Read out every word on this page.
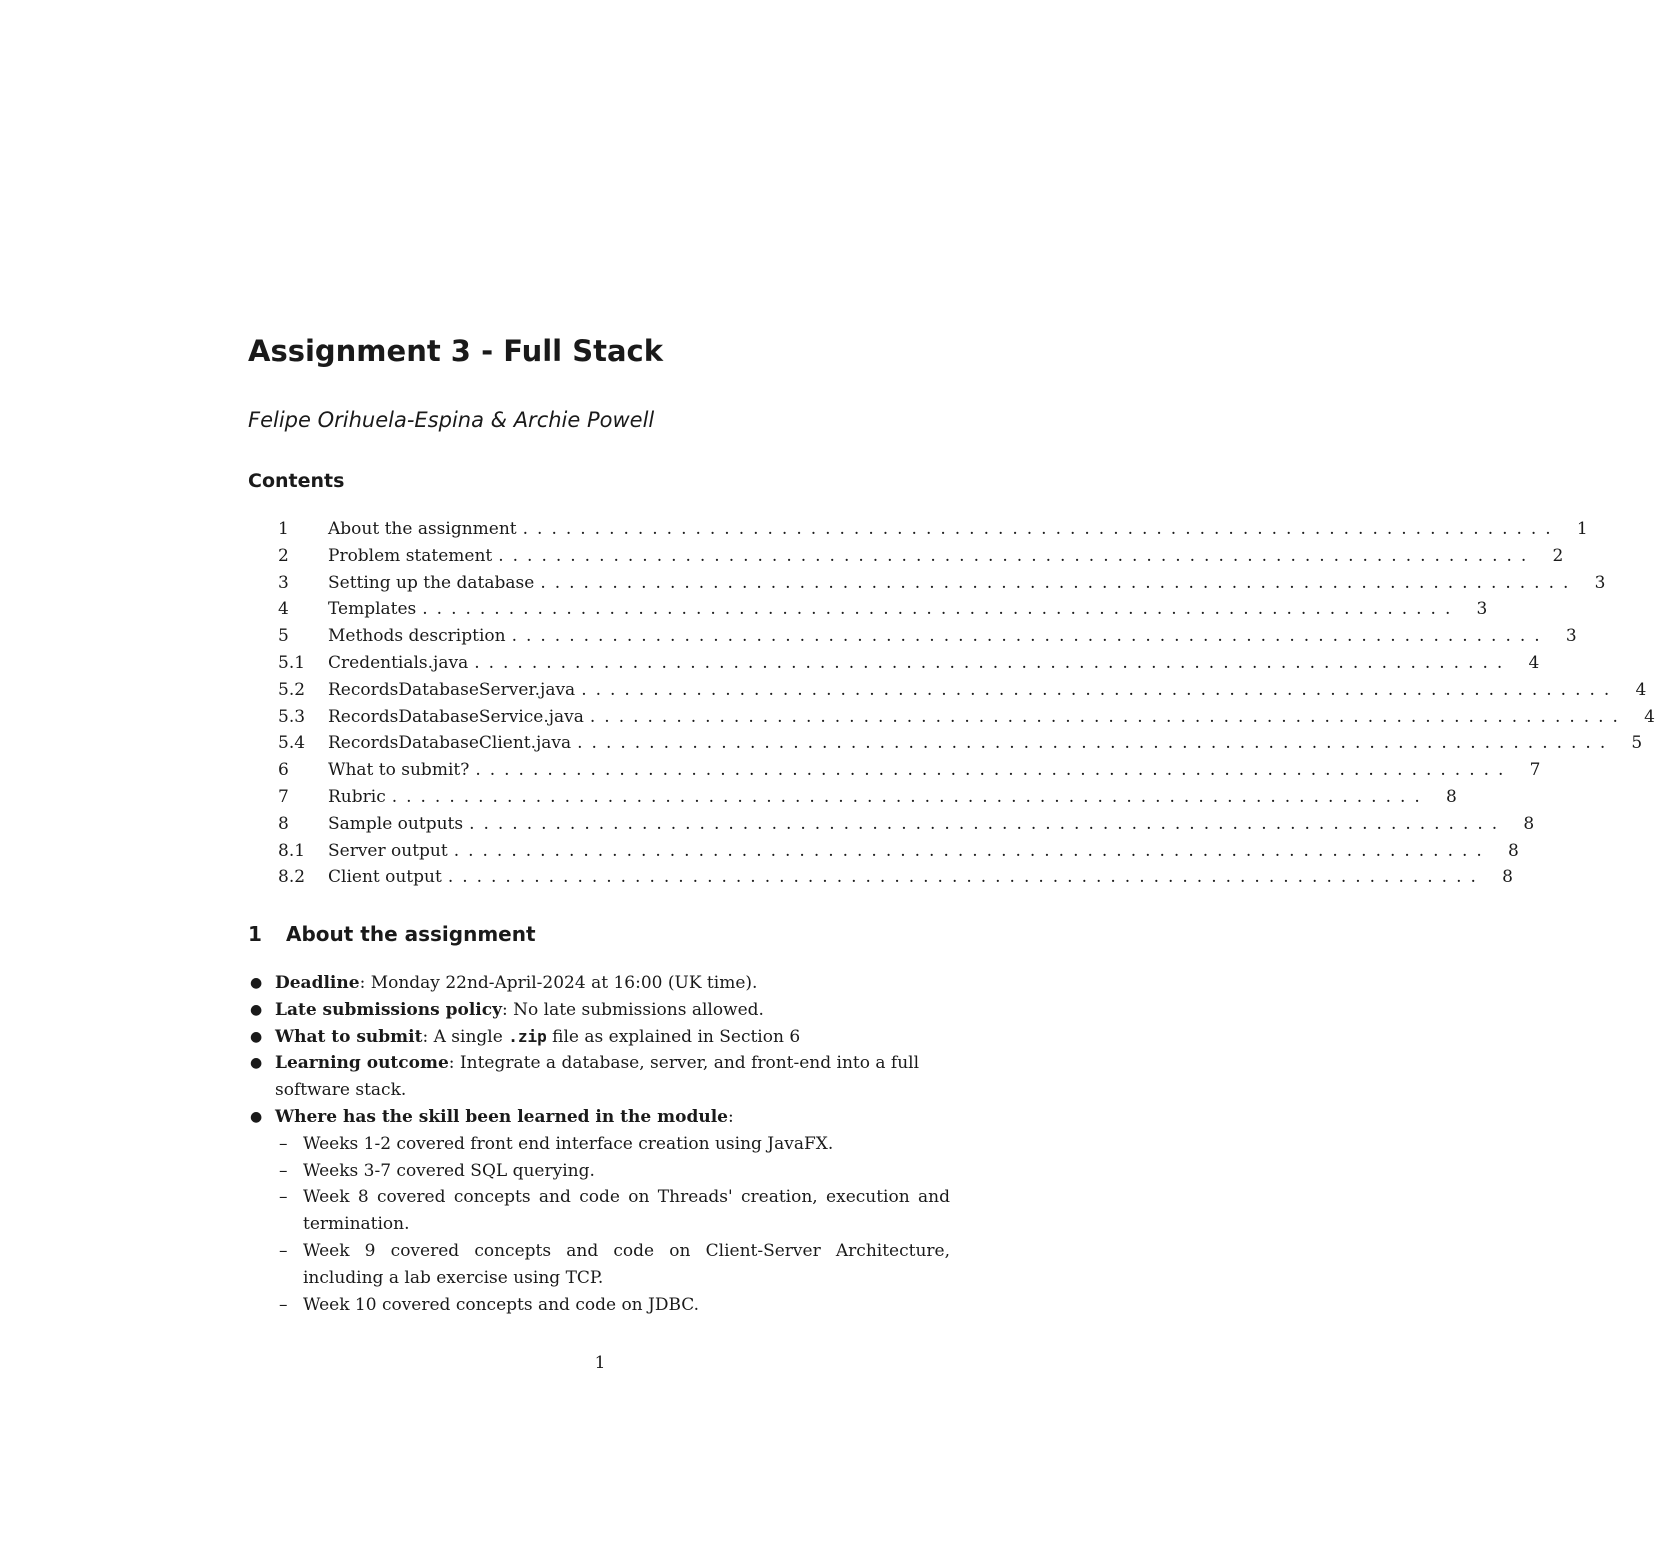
Assignment 3 - Full Stack
Felipe Orihuela-Espina & Archie Powell
Contents
1	About the assignment ........................................................................	1
2	Problem statement ........................................................................	2
3	Setting up the database ........................................................................	3
4	Templates ........................................................................	3
5	Methods description ........................................................................	3
5.1	Credentials.java ........................................................................	4
5.2	RecordsDatabaseServer.java ........................................................................	4
5.3	RecordsDatabaseService.java ........................................................................	4
5.4	RecordsDatabaseClient.java ........................................................................	5
6	What to submit? ........................................................................	7
7	Rubric ........................................................................	8
8	Sample outputs ........................................................................	8
8.1	Server output ........................................................................	8
8.2	Client output ........................................................................	8
1 About the assignment
● Deadline: Monday 22nd-April-2024 at 16:00 (UK time).
● Late submissions policy: No late submissions allowed.
● What to submit: A single .zip file as explained in Section 6
● Learning outcome: Integrate a database, server, and front-end into a full software stack.
● Where has the skill been learned in the module:
– Weeks 1-2 covered front end interface creation using JavaFX.
– Weeks 3-7 covered SQL querying.
– Week 8 covered concepts and code on Threads' creation, execution and termination.
– Week 9 covered concepts and code on Client-Server Architecture, including a lab exercise using TCP.
– Week 10 covered concepts and code on JDBC.
1
